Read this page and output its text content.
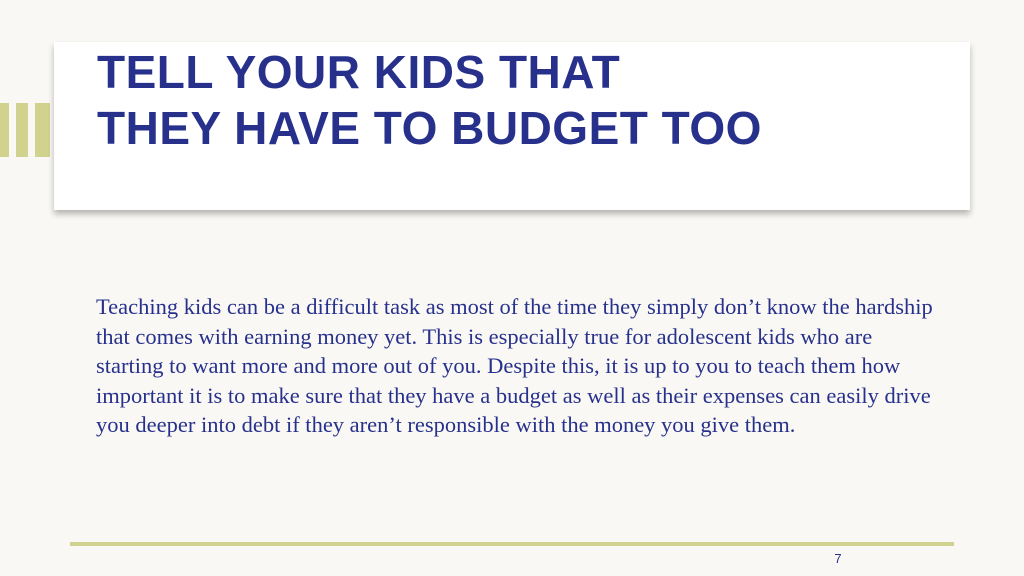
TELL YOUR KIDS THAT
THEY HAVE TO BUDGET TOO

Teaching kids can be a difficult task as most of the time they simply don’t know the hardship that comes with earning money yet. This is especially true for adolescent kids who are starting to want more and more out of you. Despite this, it is up to you to teach them how important it is to make sure that they have a budget as well as their expenses can easily drive you deeper into debt if they aren’t responsible with the money you give them.

7
